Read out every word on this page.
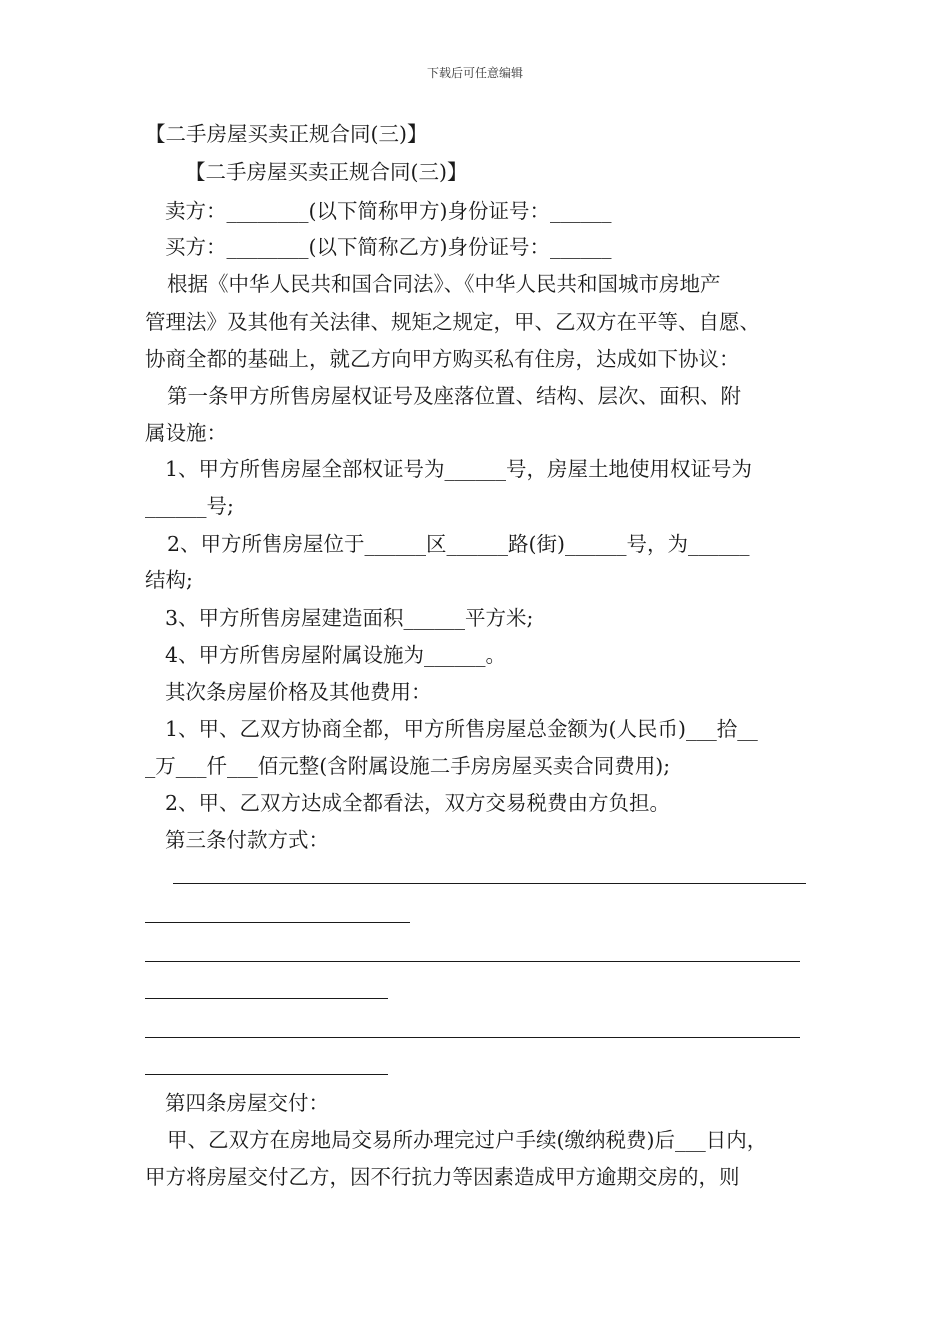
下载后可任意编辑
【二手房屋买卖正规合同(三)】
【二手房屋买卖正规合同(三)】
卖方：________(以下简称甲方)身份证号：______
买方：________(以下简称乙方)身份证号：______
根据《中华人民共和国合同法》、《中华人民共和国城市房地产
管理法》及其他有关法律、规矩之规定，甲、乙双方在平等、自愿、
协商全都的基础上，就乙方向甲方购买私有住房，达成如下协议：
第一条甲方所售房屋权证号及座落位置、结构、层次、面积、附
属设施：
1、甲方所售房屋全部权证号为______号，房屋土地使用权证号为
______号;
2、甲方所售房屋位于______区______路(街)______号，为______
结构;
3、甲方所售房屋建造面积______平方米;
4、甲方所售房屋附属设施为______。
其次条房屋价格及其他费用：
1、甲、乙双方协商全都，甲方所售房屋总金额为(人民币)___拾__
_万___仟___佰元整(含附属设施二手房房屋买卖合同费用);
2、甲、乙双方达成全都看法，双方交易税费由方负担。
第三条付款方式：
第四条房屋交付：
甲、乙双方在房地局交易所办理完过户手续(缴纳税费)后___日内，
甲方将房屋交付乙方，因不行抗力等因素造成甲方逾期交房的，则
